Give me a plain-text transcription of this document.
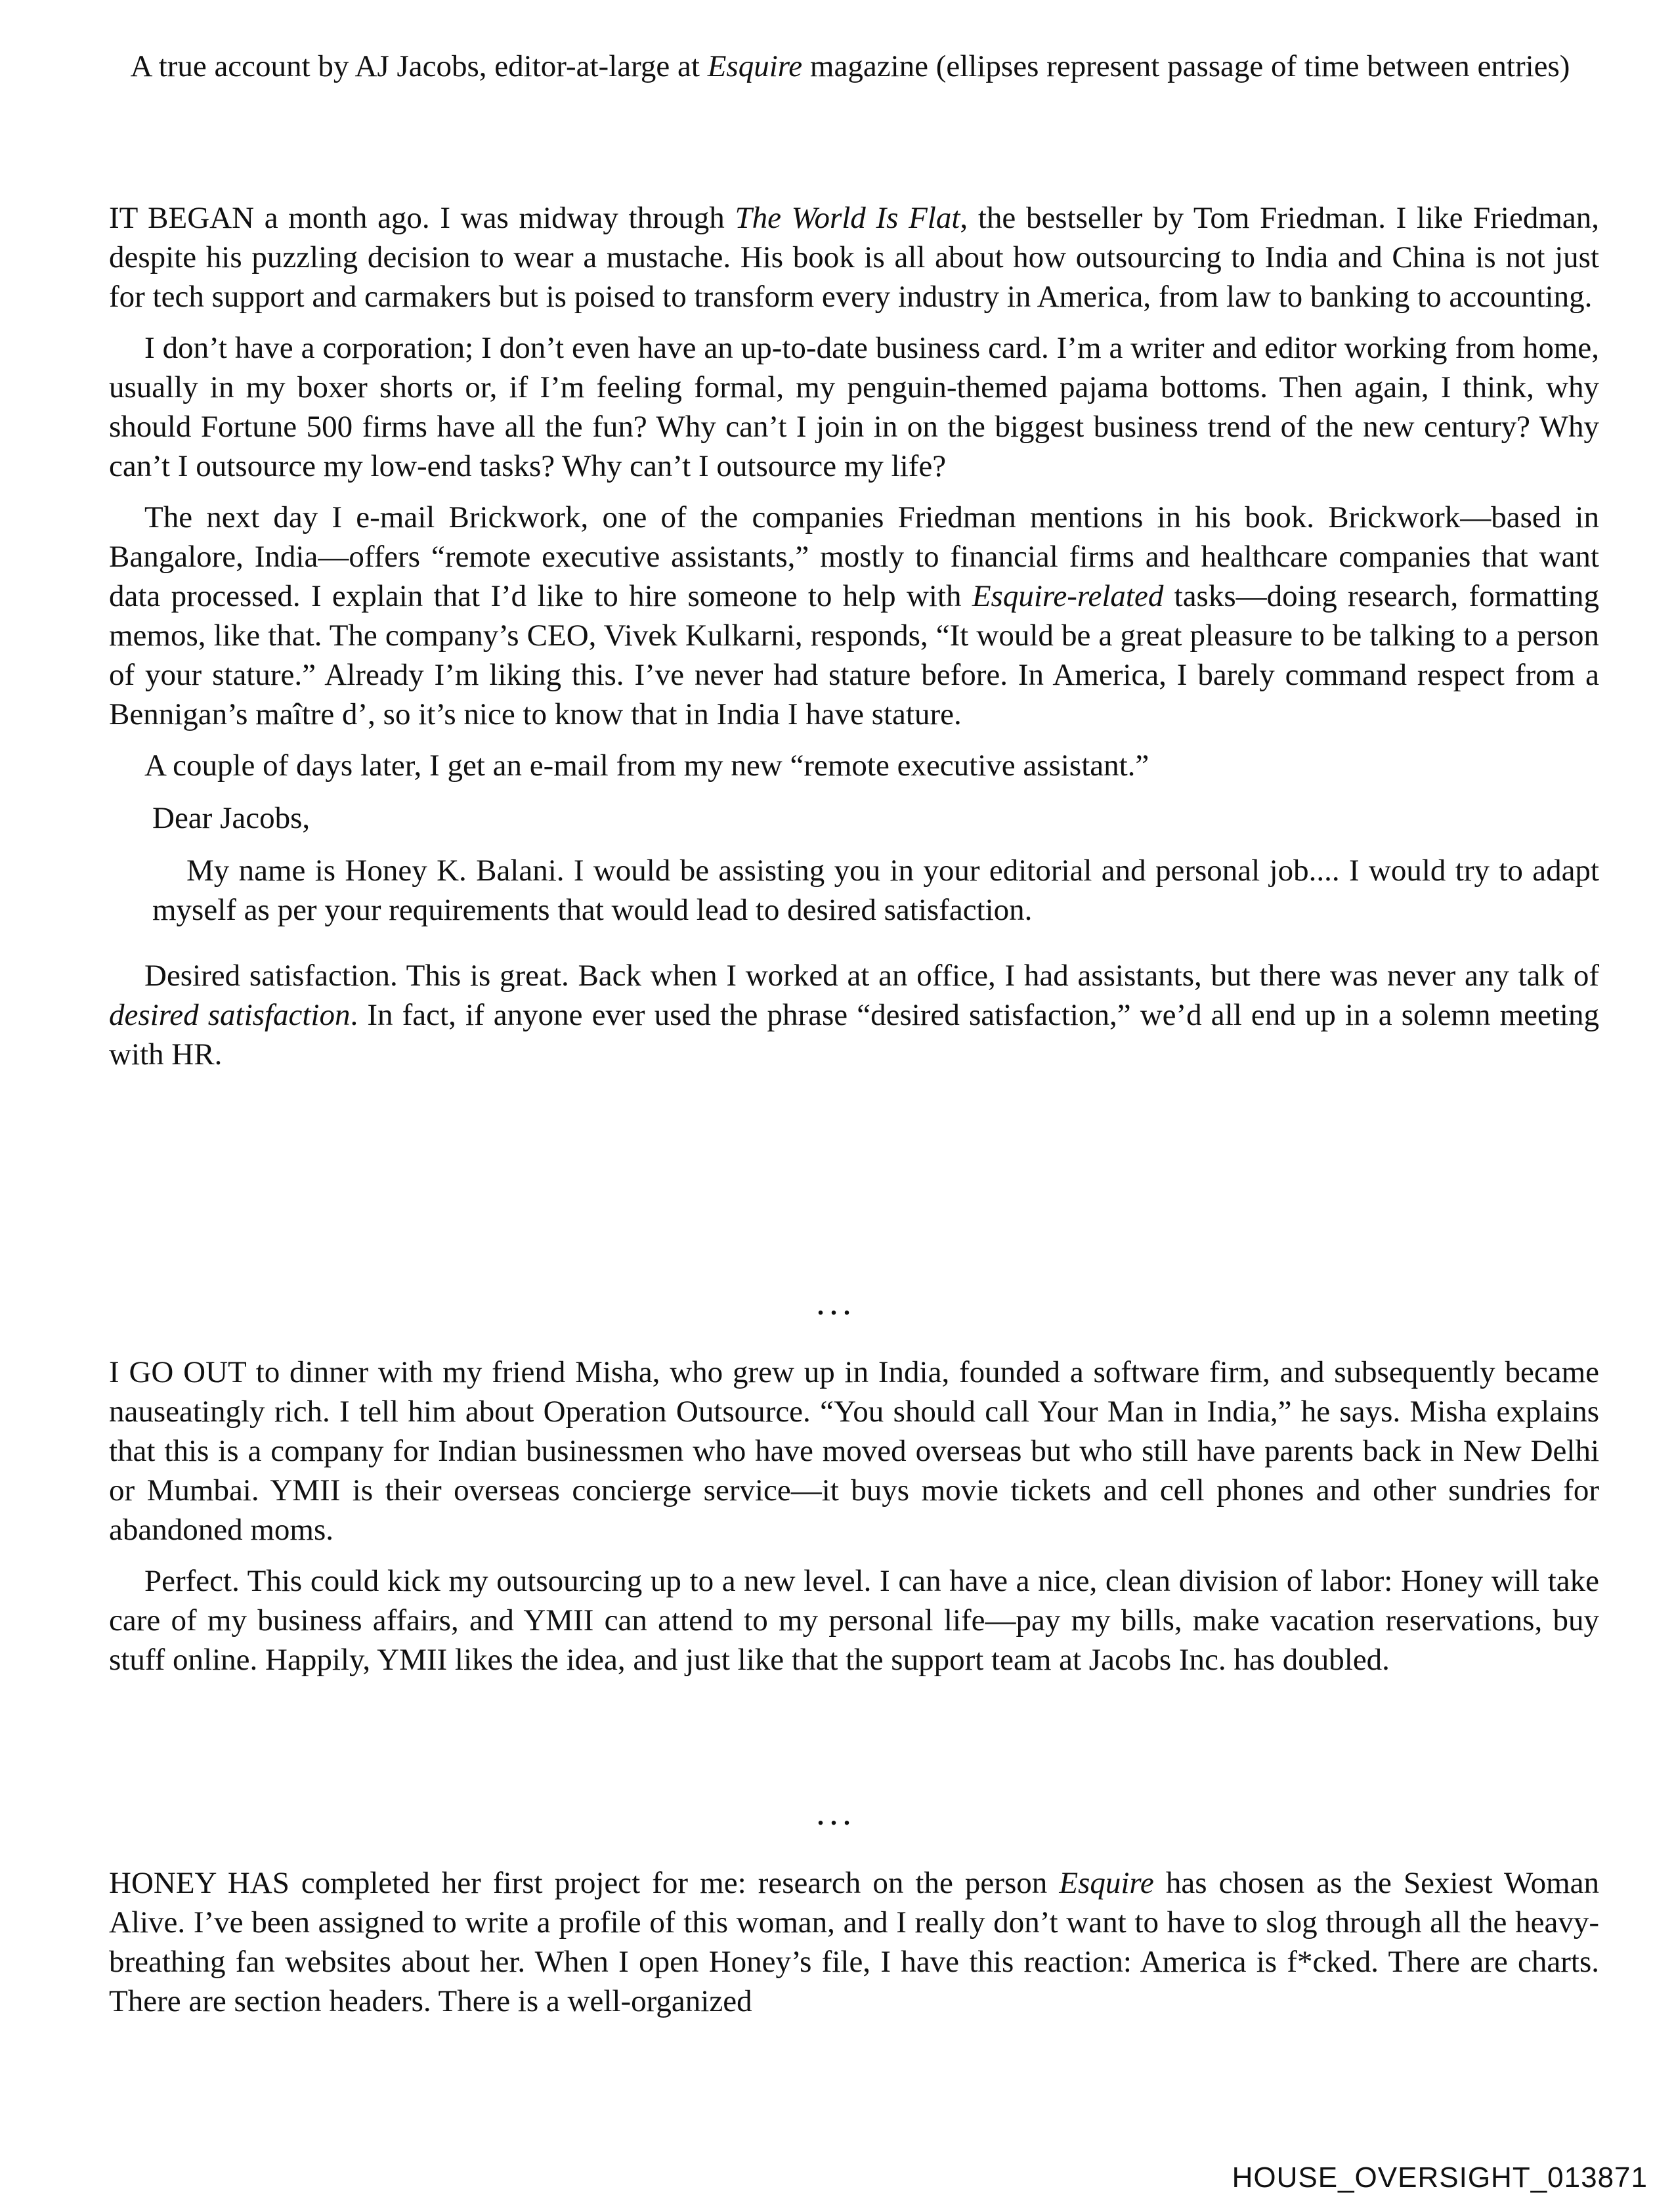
A true account by AJ Jacobs, editor-at-large at Esquire magazine (ellipses represent passage of time between entries)

IT BEGAN a month ago. I was midway through The World Is Flat, the bestseller by Tom Friedman. I like Friedman, despite his puzzling decision to wear a mustache. His book is all about how outsourcing to India and China is not just for tech support and carmakers but is poised to transform every industry in America, from law to banking to accounting.

I don’t have a corporation; I don’t even have an up-to-date business card. I’m a writer and editor working from home, usually in my boxer shorts or, if I’m feeling formal, my penguin-themed pajama bottoms. Then again, I think, why should Fortune 500 firms have all the fun? Why can’t I join in on the biggest business trend of the new century? Why can’t I outsource my low-end tasks? Why can’t I outsource my life?

The next day I e-mail Brickwork, one of the companies Friedman mentions in his book. Brickwork—based in Bangalore, India—offers “remote executive assistants,” mostly to financial firms and healthcare companies that want data processed. I explain that I’d like to hire someone to help with Esquire-related tasks—doing research, formatting memos, like that. The company’s CEO, Vivek Kulkarni, responds, “It would be a great pleasure to be talking to a person of your stature.” Already I’m liking this. I’ve never had stature before. In America, I barely command respect from a Bennigan’s maître d’, so it’s nice to know that in India I have stature.

A couple of days later, I get an e-mail from my new “remote executive assistant.”

Dear Jacobs,

My name is Honey K. Balani. I would be assisting you in your editorial and personal job.... I would try to adapt myself as per your requirements that would lead to desired satisfaction.

Desired satisfaction. This is great. Back when I worked at an office, I had assistants, but there was never any talk of desired satisfaction. In fact, if anyone ever used the phrase “desired satisfaction,” we’d all end up in a solemn meeting with HR.

...

I GO OUT to dinner with my friend Misha, who grew up in India, founded a software firm, and subsequently became nauseatingly rich. I tell him about Operation Outsource. “You should call Your Man in India,” he says. Misha explains that this is a company for Indian businessmen who have moved overseas but who still have parents back in New Delhi or Mumbai. YMII is their overseas concierge service—it buys movie tickets and cell phones and other sundries for abandoned moms.

Perfect. This could kick my outsourcing up to a new level. I can have a nice, clean division of labor: Honey will take care of my business affairs, and YMII can attend to my personal life—pay my bills, make vacation reservations, buy stuff online. Happily, YMII likes the idea, and just like that the support team at Jacobs Inc. has doubled.

...

HONEY HAS completed her first project for me: research on the person Esquire has chosen as the Sexiest Woman Alive. I’ve been assigned to write a profile of this woman, and I really don’t want to have to slog through all the heavy-breathing fan websites about her. When I open Honey’s file, I have this reaction: America is f*cked. There are charts. There are section headers. There is a well-organized

HOUSE_OVERSIGHT_013871
